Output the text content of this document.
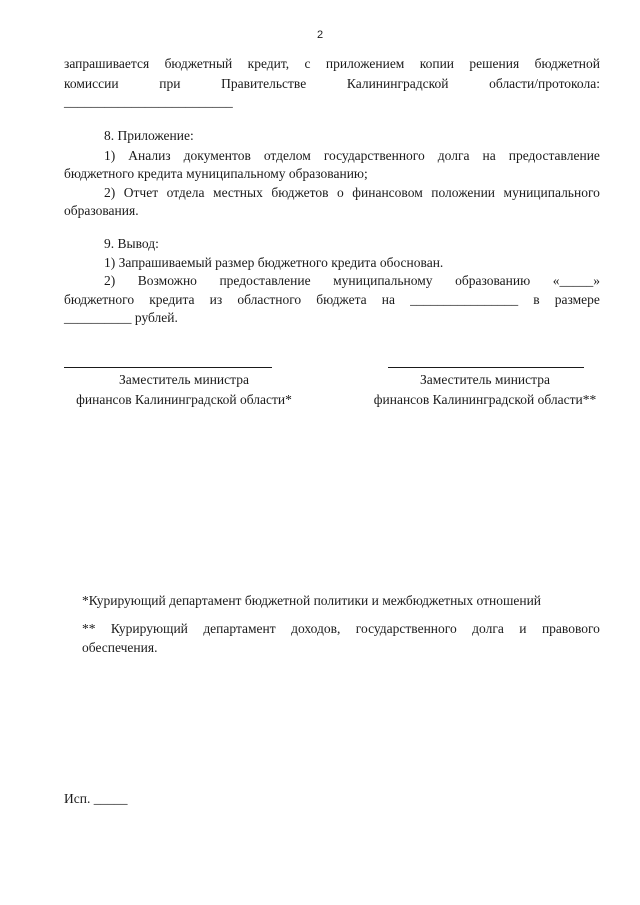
2
запрашивается бюджетный кредит, с приложением копии решения бюджетной
комиссии	при	Правительстве	Калининградской	области/протокола:
_________________________
8. Приложение:
1) Анализ документов отделом государственного долга на предоставление
бюджетного кредита муниципальному образованию;
2) Отчет отдела местных бюджетов о финансовом положении муниципального
образования.
9. Вывод:
1) Запрашиваемый размер бюджетного кредита обоснован.
2) Возможно предоставление муниципальному образованию «_____»
бюджетного кредита из областного бюджета на ________________ в размере
__________ рублей.
Заместитель министра
финансов Калининградской области*
Заместитель министра
финансов Калининградской области**
*Курирующий департамент бюджетной политики и межбюджетных отношений
** Курирующий департамент доходов, государственного долга и правового
обеспечения.
Исп. _____
